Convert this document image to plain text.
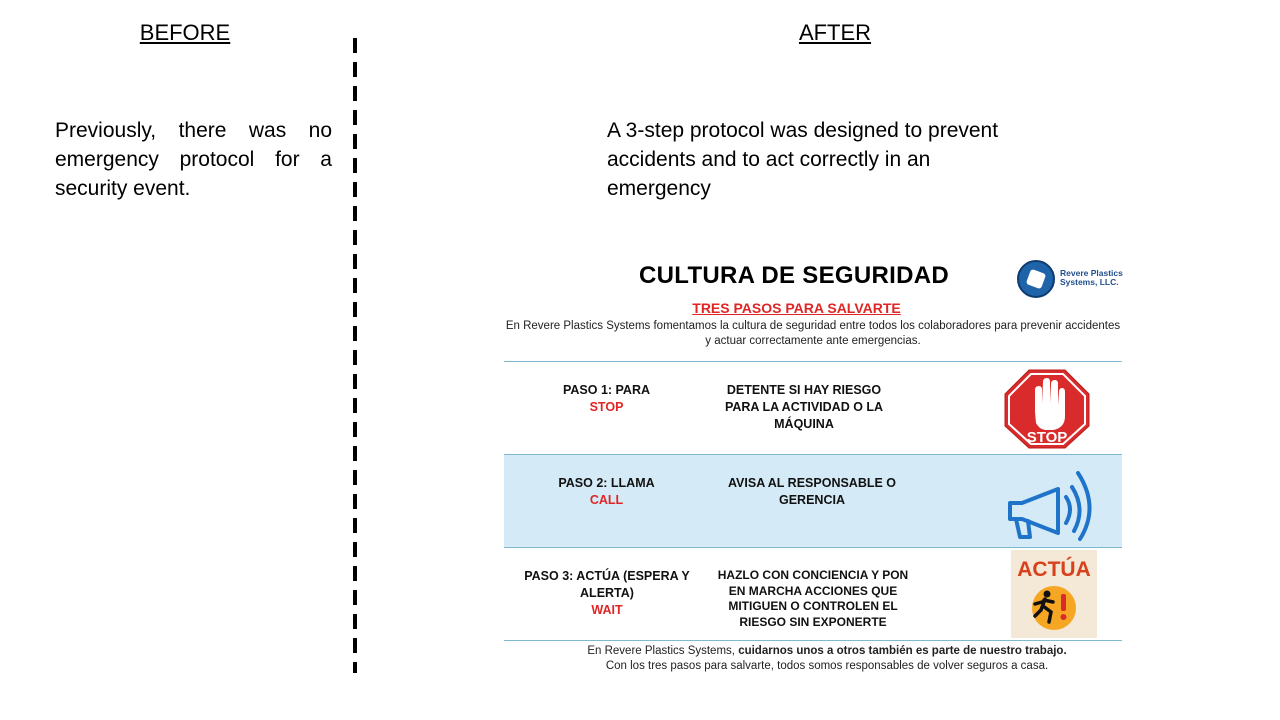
BEFORE	AFTER
Previously, there was no emergency protocol for a security event.
A 3-step protocol was designed to prevent accidents and to act correctly in an emergency
CULTURA DE SEGURIDAD	Revere Plastics Systems, LLC.
TRES PASOS PARA SALVARTE
En Revere Plastics Systems fomentamos la cultura de seguridad entre todos los colaboradores para prevenir accidentes y actuar correctamente ante emergencias.
PASO 1: PARA
STOP
DETENTE SI HAY RIESGO PARA LA ACTIVIDAD O LA MÁQUINA
STOP
PASO 2: LLAMA
CALL
AVISA AL RESPONSABLE O GERENCIA
PASO 3: ACTÚA (ESPERA Y ALERTA)
WAIT
HAZLO CON CONCIENCIA Y PON EN MARCHA ACCIONES QUE MITIGUEN O CONTROLEN EL RIESGO SIN EXPONERTE
ACTÚA
En Revere Plastics Systems, cuidarnos unos a otros también es parte de nuestro trabajo.
Con los tres pasos para salvarte, todos somos responsables de volver seguros a casa.
